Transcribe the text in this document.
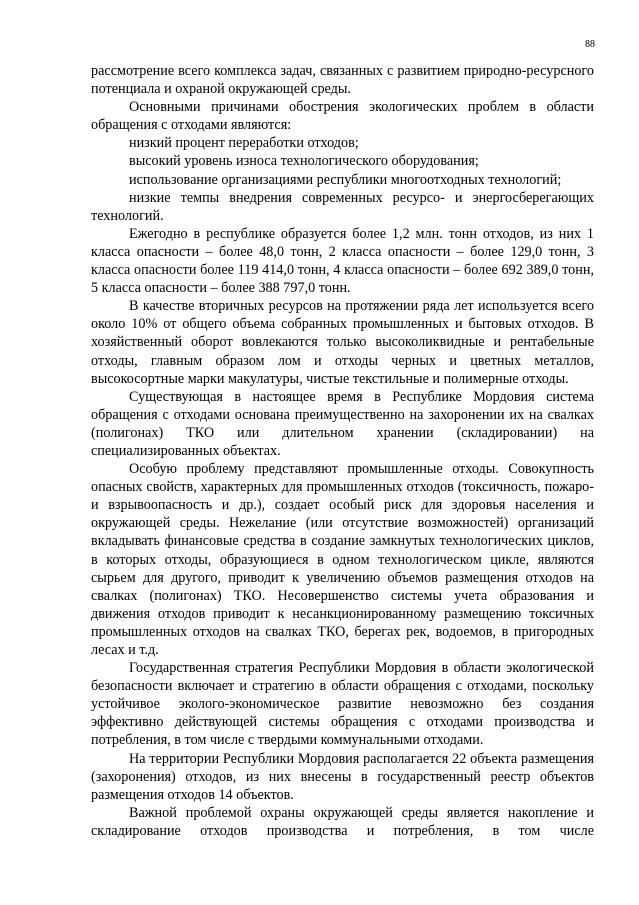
88

рассмотрение всего комплекса задач, связанных с развитием природно-ресурсного потенциала и охраной окружающей среды.

Основными причинами обострения экологических проблем в области обращения с отходами являются:

низкий процент переработки отходов;

высокий уровень износа технологического оборудования;

использование организациями республики многоотходных технологий;

низкие темпы внедрения современных ресурсо- и энергосберегающих технологий.

Ежегодно в республике образуется более 1,2 млн. тонн отходов, из них 1 класса опасности – более 48,0 тонн, 2 класса опасности – более 129,0 тонн, 3 класса опасности более 119 414,0 тонн, 4 класса опасности – более 692 389,0 тонн, 5 класса опасности – более 388 797,0 тонн.

В качестве вторичных ресурсов на протяжении ряда лет используется всего около 10% от общего объема собранных промышленных и бытовых отходов. В хозяйственный оборот вовлекаются только высоколиквидные и рентабельные отходы, главным образом лом и отходы черных и цветных металлов, высокосортные марки макулатуры, чистые текстильные и полимерные отходы.

Существующая в настоящее время в Республике Мордовия система обращения с отходами основана преимущественно на захоронении их на свалках (полигонах) ТКО или длительном хранении (складировании) на специализированных объектах.

Особую проблему представляют промышленные отходы. Совокупность опасных свойств, характерных для промышленных отходов (токсичность, пожаро- и взрывоопасность и др.), создает особый риск для здоровья населения и окружающей среды. Нежелание (или отсутствие возможностей) организаций вкладывать финансовые средства в создание замкнутых технологических циклов, в которых отходы, образующиеся в одном технологическом цикле, являются сырьем для другого, приводит к увеличению объемов размещения отходов на свалках (полигонах) ТКО. Несовершенство системы учета образования и движения отходов приводит к несанкционированному размещению токсичных промышленных отходов на свалках ТКО, берегах рек, водоемов, в пригородных лесах и т.д.

Государственная стратегия Республики Мордовия в области экологической безопасности включает и стратегию в области обращения с отходами, поскольку устойчивое эколого-экономическое развитие невозможно без создания эффективно действующей системы обращения с отходами производства и потребления, в том числе с твердыми коммунальными отходами.

На территории Республики Мордовия располагается 22 объекта размещения (захоронения) отходов, из них внесены в государственный реестр объектов размещения отходов 14 объектов.

Важной проблемой охраны окружающей среды является накопление и складирование отходов производства и потребления, в том числе
